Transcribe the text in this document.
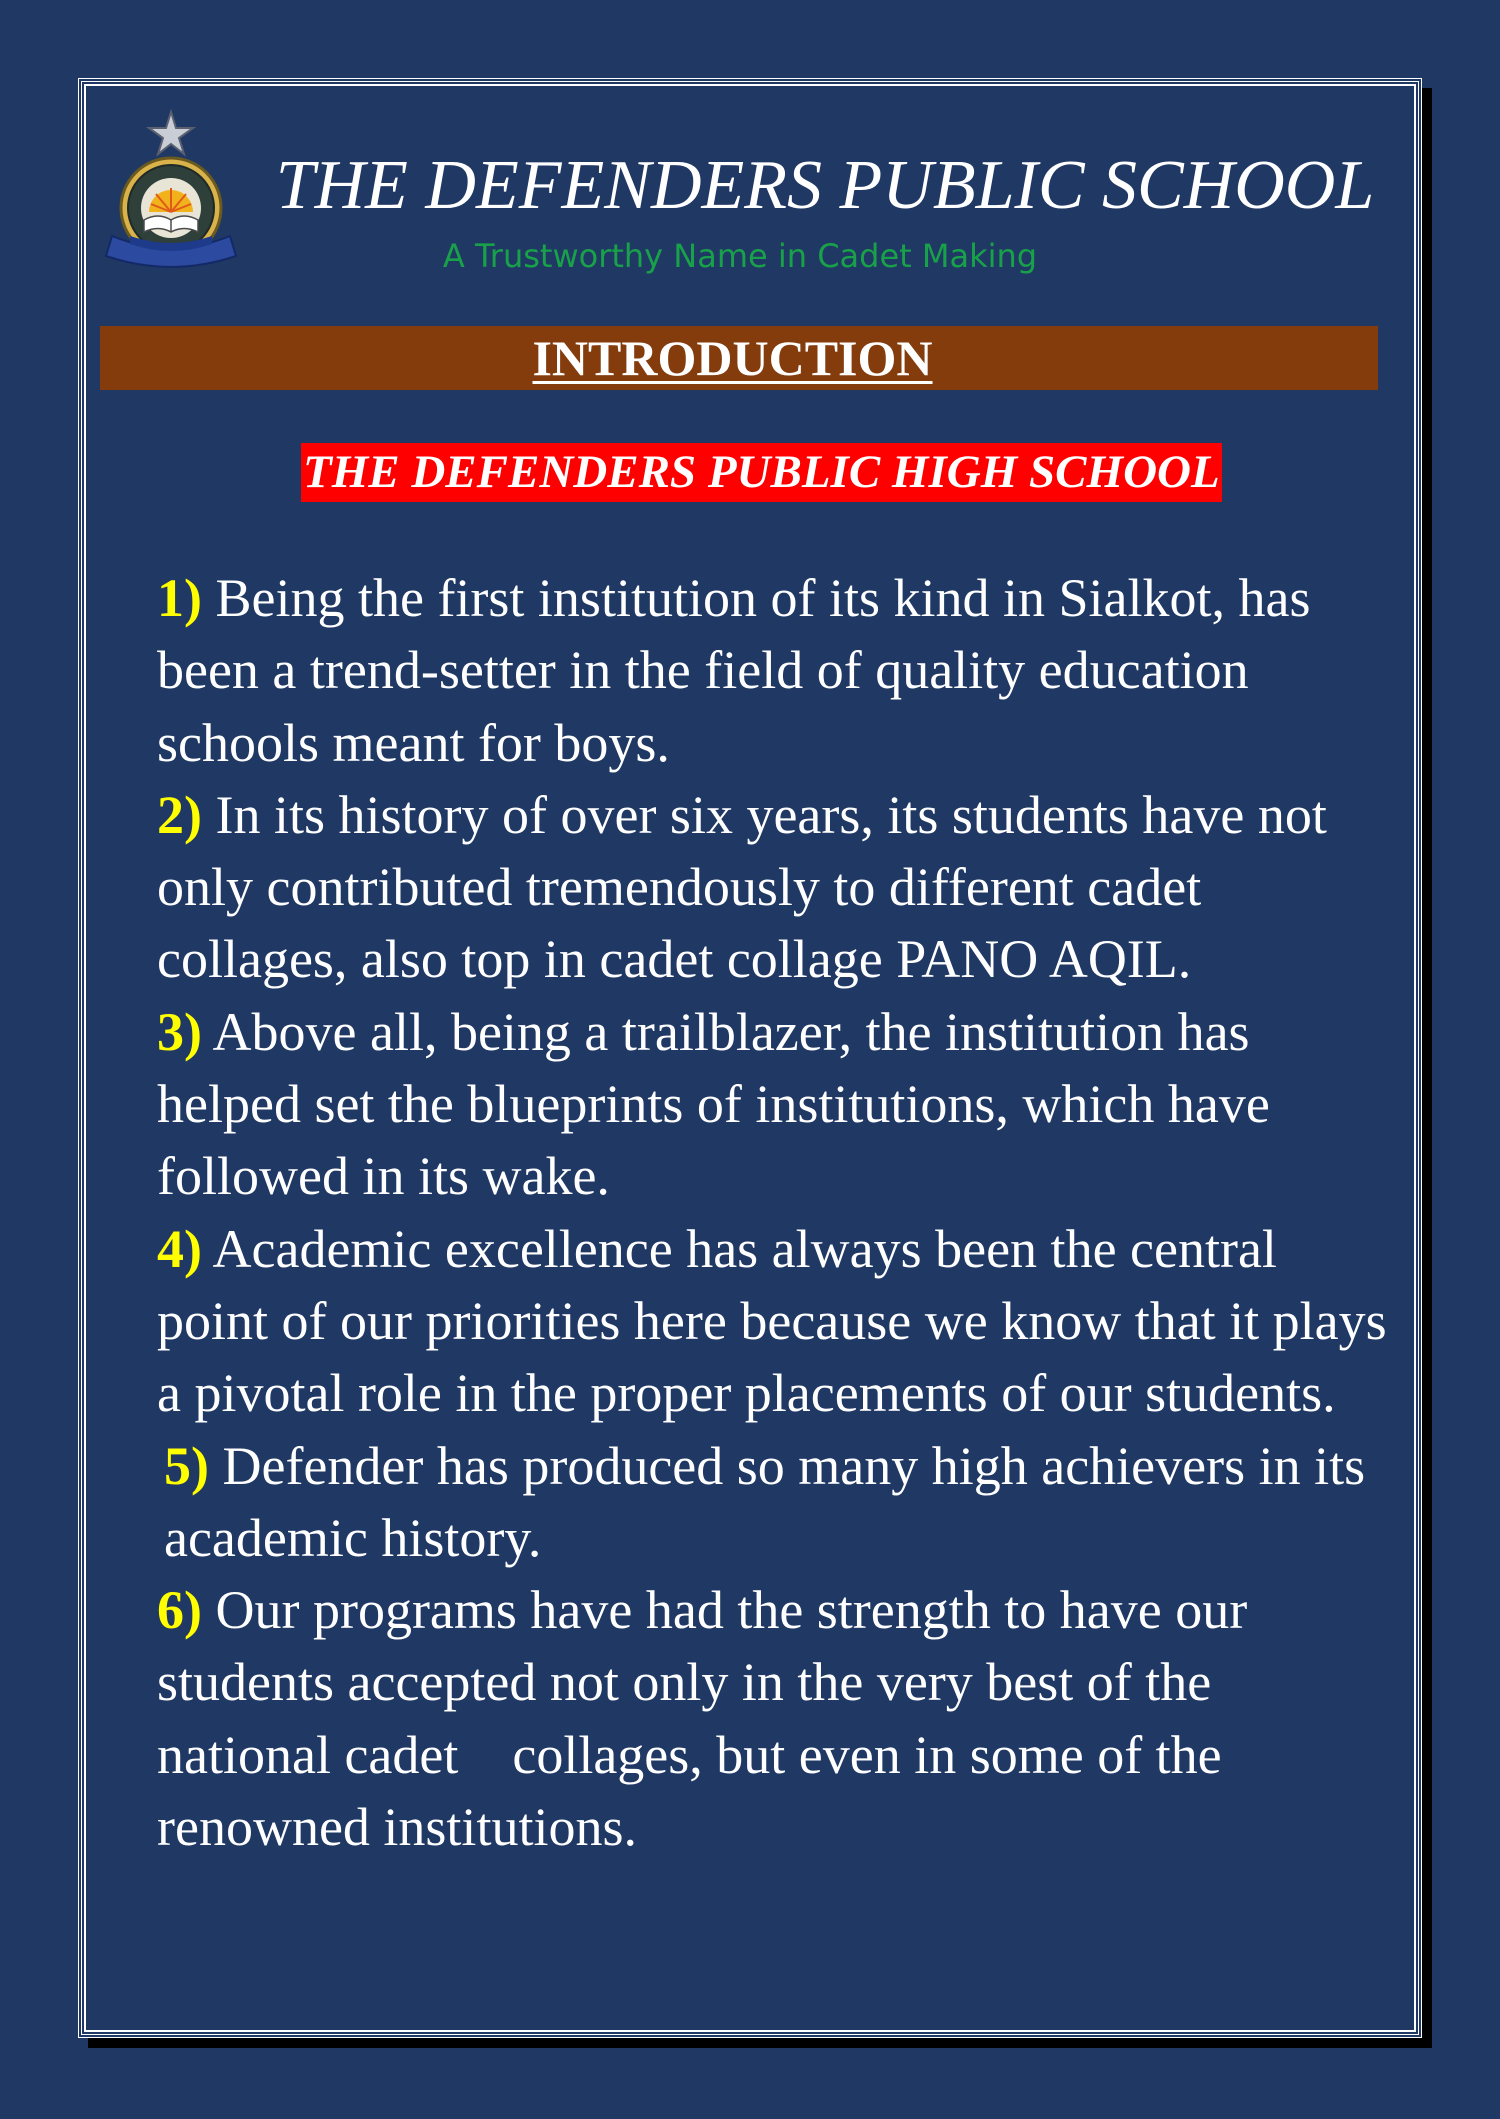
THE DEFENDERS PUBLIC SCHOOL
A Trustworthy Name in Cadet Making
INTRODUCTION
THE DEFENDERS PUBLIC HIGH SCHOOL

1) Being the first institution of its kind in Sialkot, has been a trend-setter in the field of quality education schools meant for boys.

2) In its history of over six years, its students have not only contributed tremendously to different cadet collages, also top in cadet collage PANO AQIL.

3) Above all, being a trailblazer, the institution has helped set the blueprints of institutions, which have followed in its wake.

4) Academic excellence has always been the central point of our priorities here because we know that it plays a pivotal role in the proper placements of our students.

5) Defender has produced so many high achievers in its   academic history.

6) Our programs have had the strength to have our students accepted not only in the very best of the national cadet    collages, but even in some of the renowned institutions.
